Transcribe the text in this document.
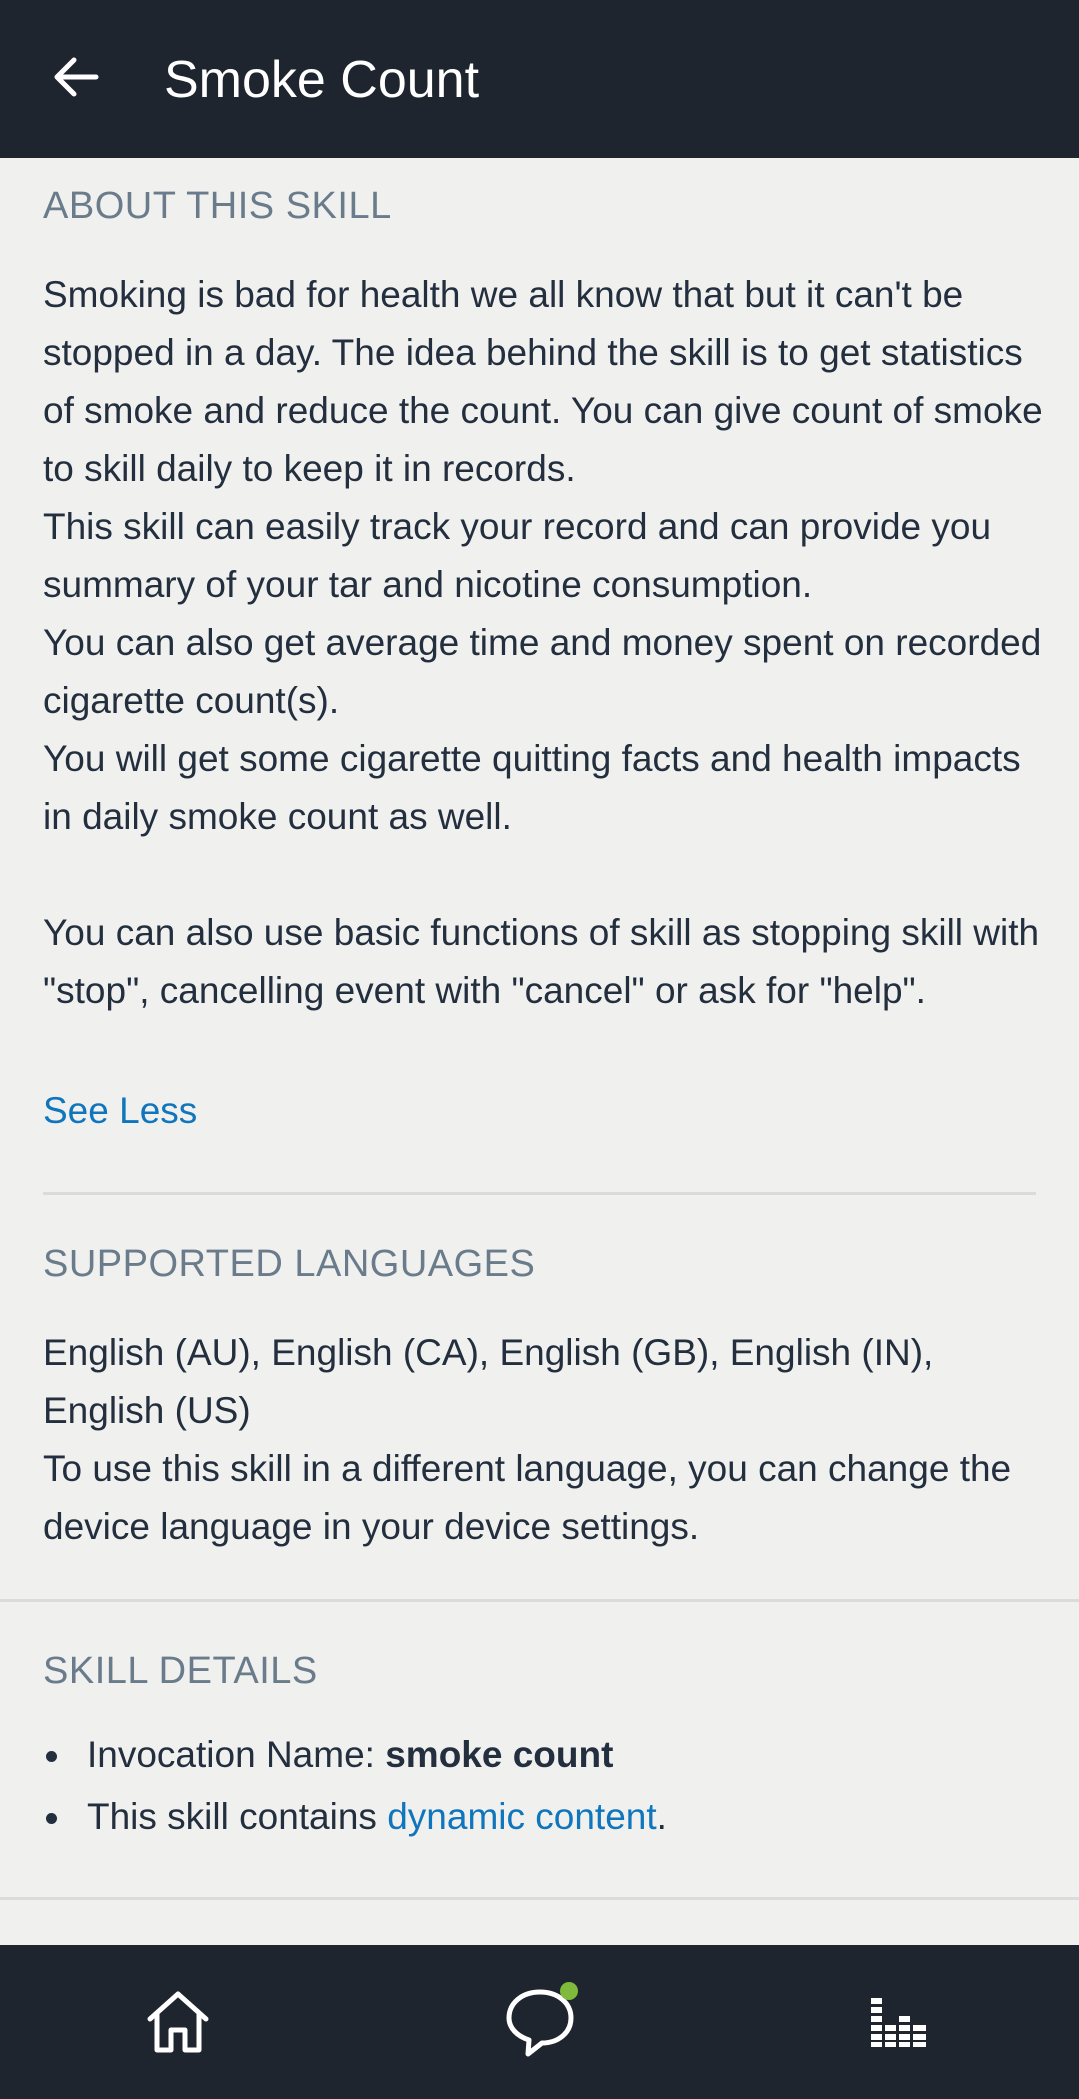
Smoke Count
ABOUT THIS SKILL

Smoking is bad for health we all know that but it can't be stopped in a day. The idea behind the skill is to get statistics of smoke and reduce the count. You can give count of smoke to skill daily to keep it in records.
This skill can easily track your record and can provide you summary of your tar and nicotine consumption.
You can also get average time and money spent on recorded cigarette count(s).
You will get some cigarette quitting facts and health impacts in daily smoke count as well.

You can also use basic functions of skill as stopping skill with "stop", cancelling event with "cancel" or ask for "help".

See Less
SUPPORTED LANGUAGES

English (AU), English (CA), English (GB), English (IN), English (US)

To use this skill in a different language, you can change the device language in your device settings.

SKILL DETAILS
Invocation Name: smoke count
This skill contains dynamic content.
